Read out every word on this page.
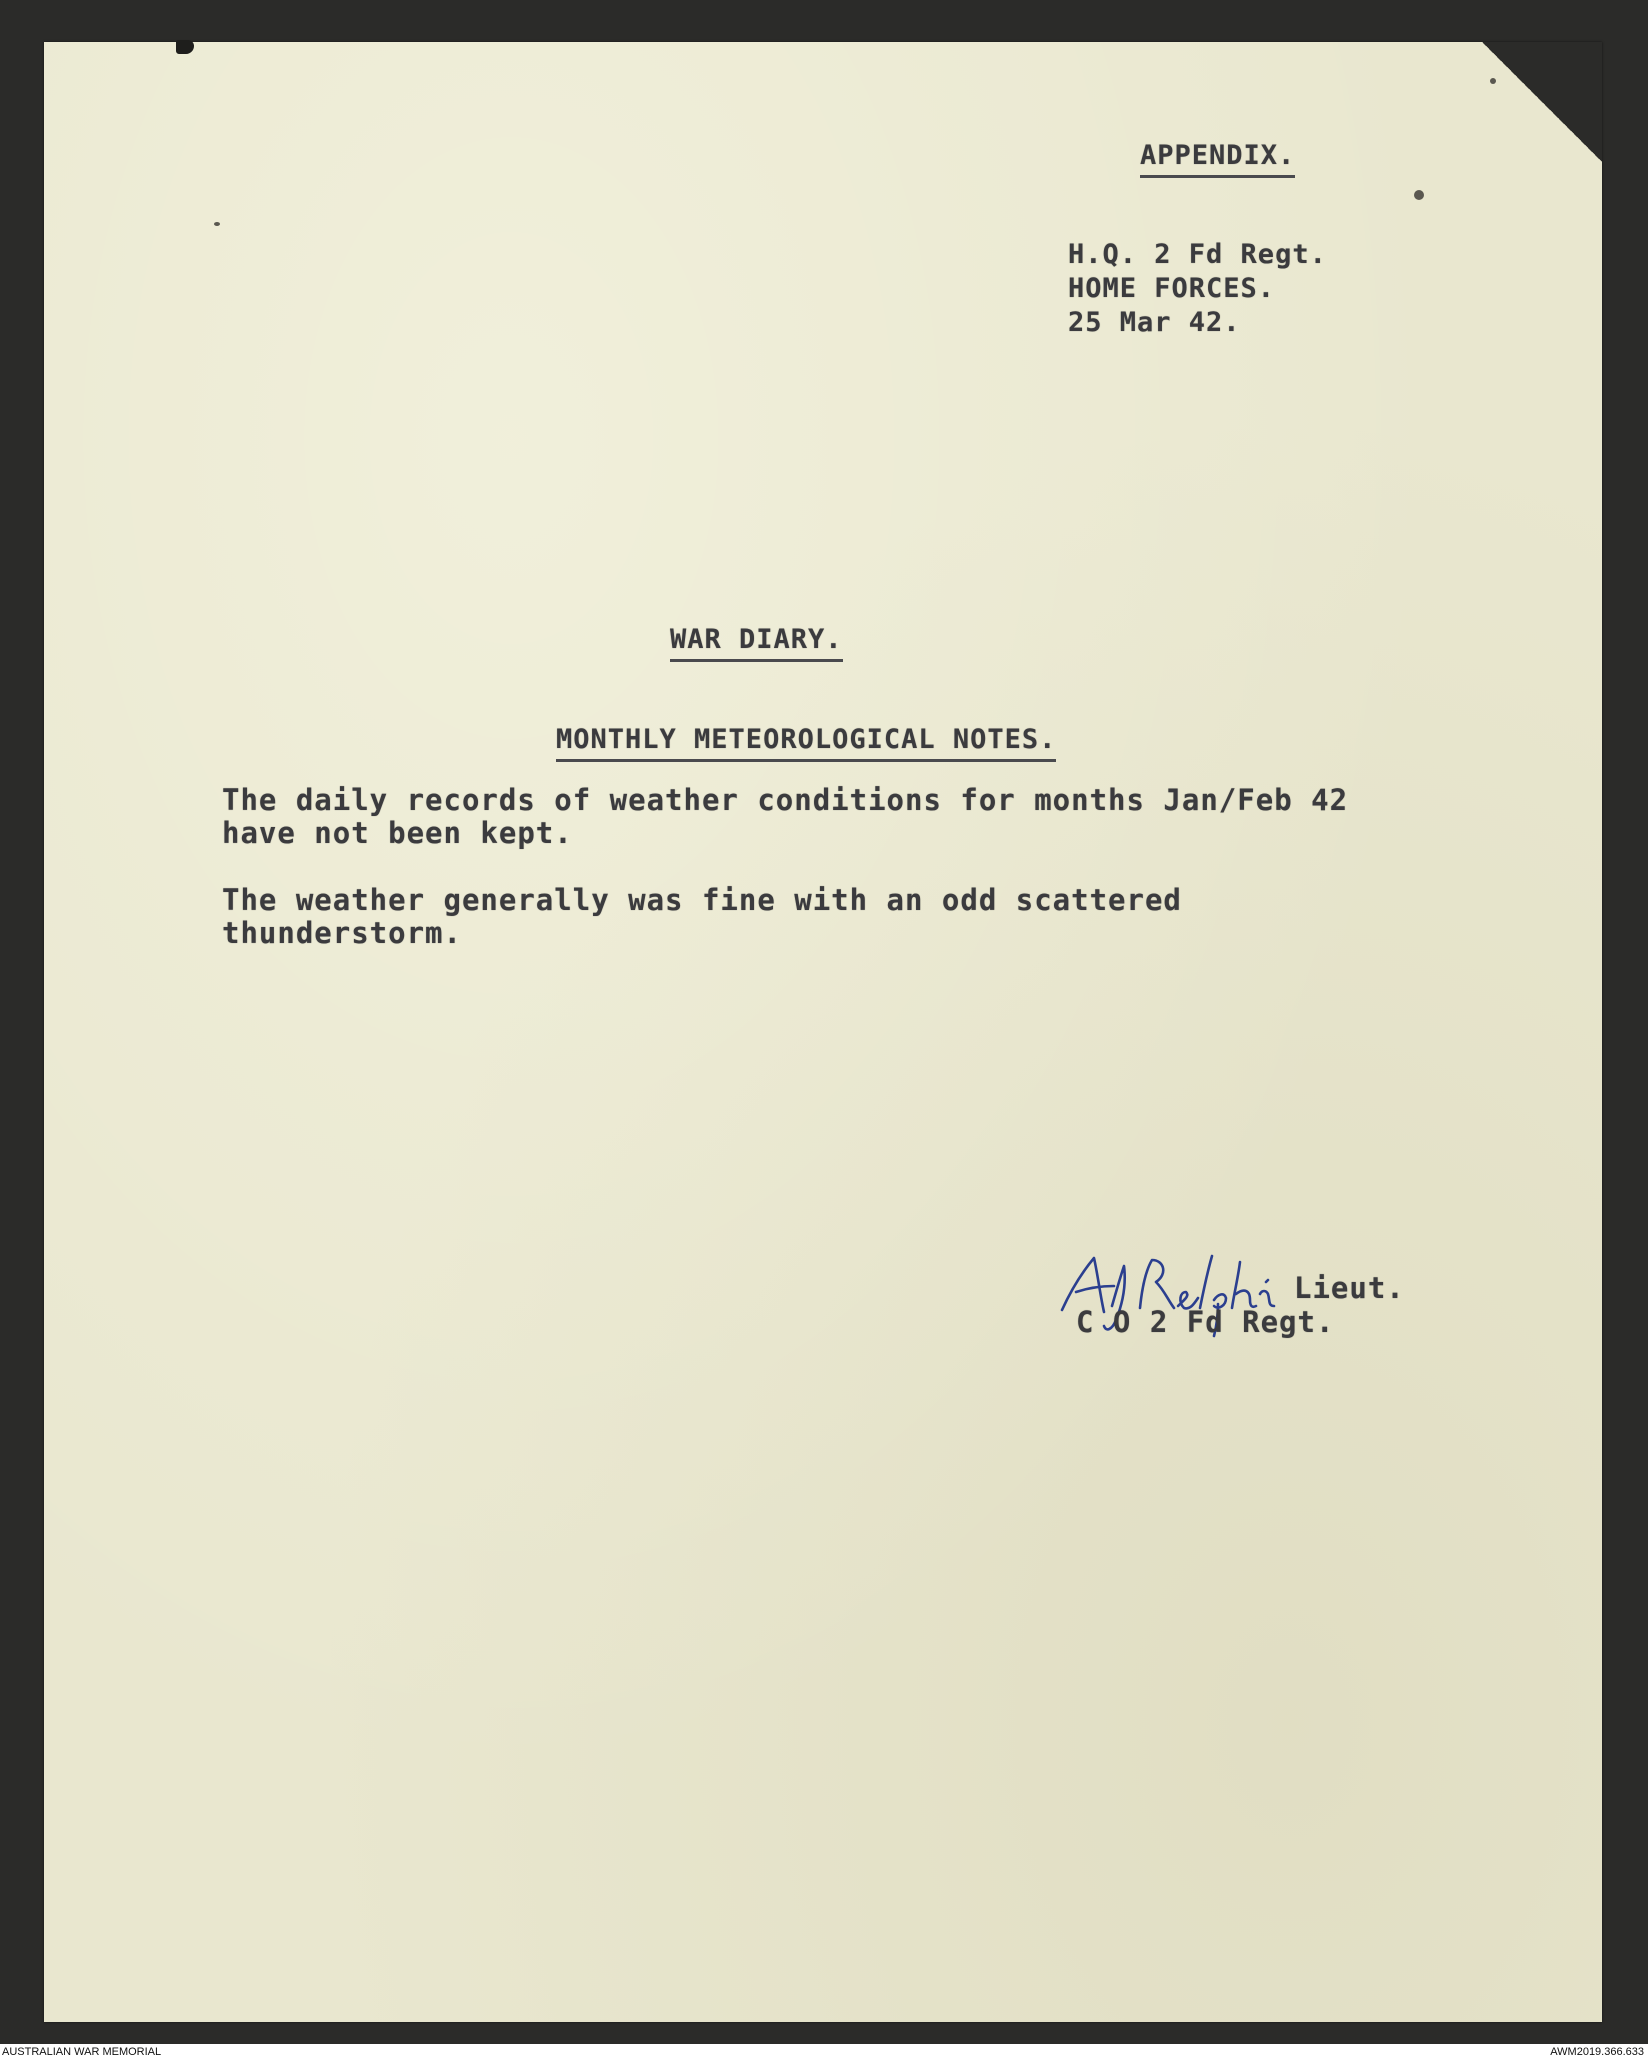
APPENDIX.
H.Q. 2 Fd Regt.
HOME FORCES.
25 Mar 42.
WAR DIARY.
MONTHLY METEOROLOGICAL NOTES.
The daily records of weather conditions for months Jan/Feb 42
have not been kept.
The weather generally was fine with an odd scattered
thunderstorm.
Lieut.
C O 2 Fd Regt.
AUSTRALIAN WAR MEMORIAL	AWM2019.366.633
